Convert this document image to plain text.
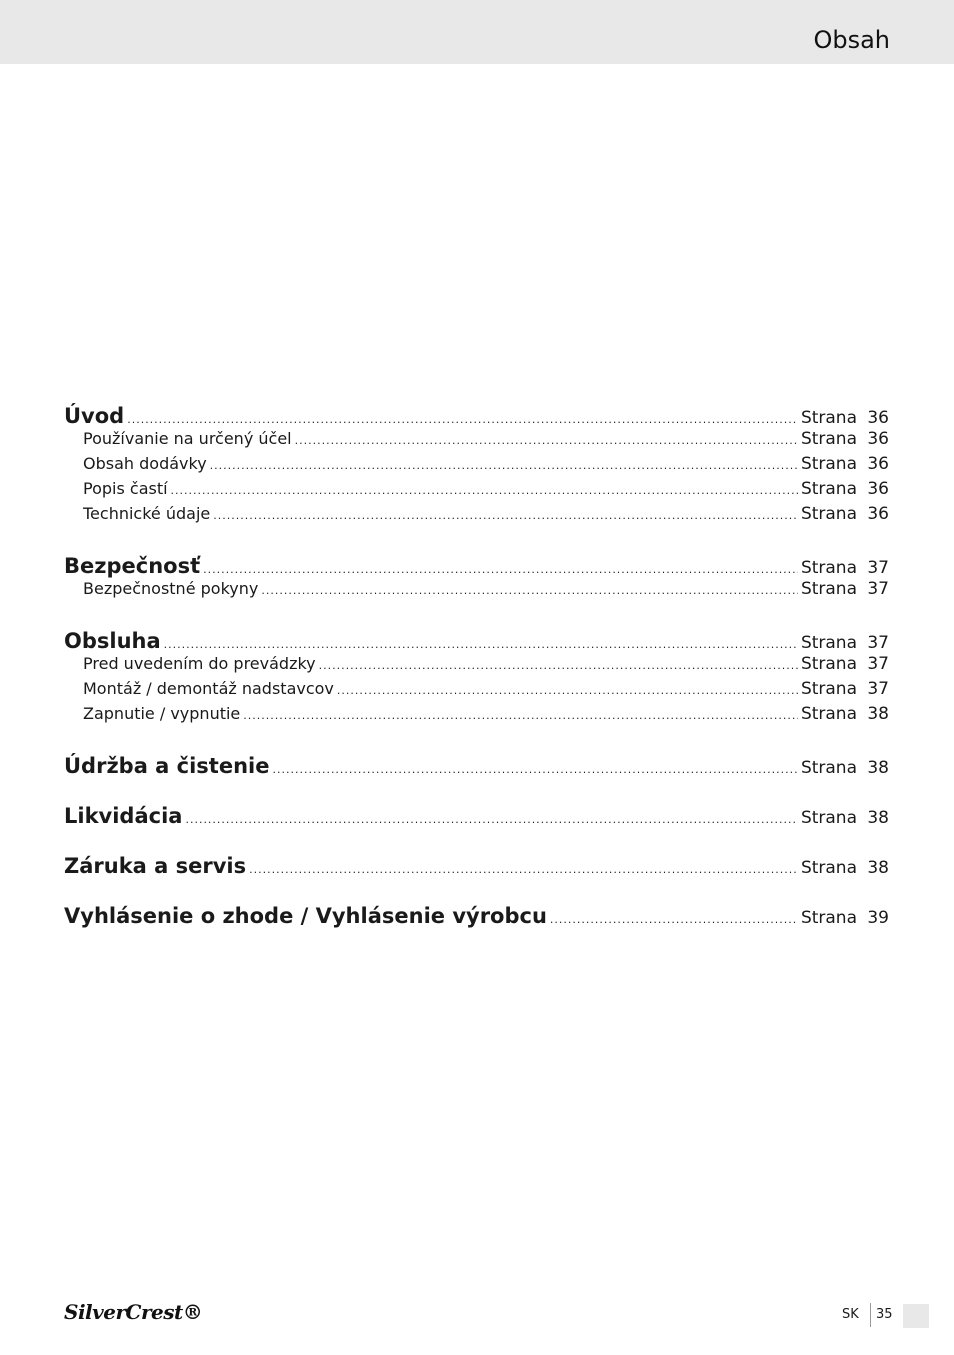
Obsah
Úvod .....	Strana 36
Používanie na určený účel .....	Strana 36
Obsah dodávky .....	Strana 36
Popis častí .....	Strana 36
Technické údaje .....	Strana 36
Bezpečnosť .....	Strana 37
Bezpečnostné pokyny .....	Strana 37
Obsluha .....	Strana 37
Pred uvedením do prevádzky .....	Strana 37
Montáž / demontáž nadstavcov .....	Strana 37
Zapnutie / vypnutie .....	Strana 38
Údržba a čistenie .....	Strana 38
Likvidácia .....	Strana 38
Záruka a servis .....	Strana 38
Vyhlásenie o zhode / Vyhlásenie výrobcu .....	Strana 39
SilverCrest®	SK 35
